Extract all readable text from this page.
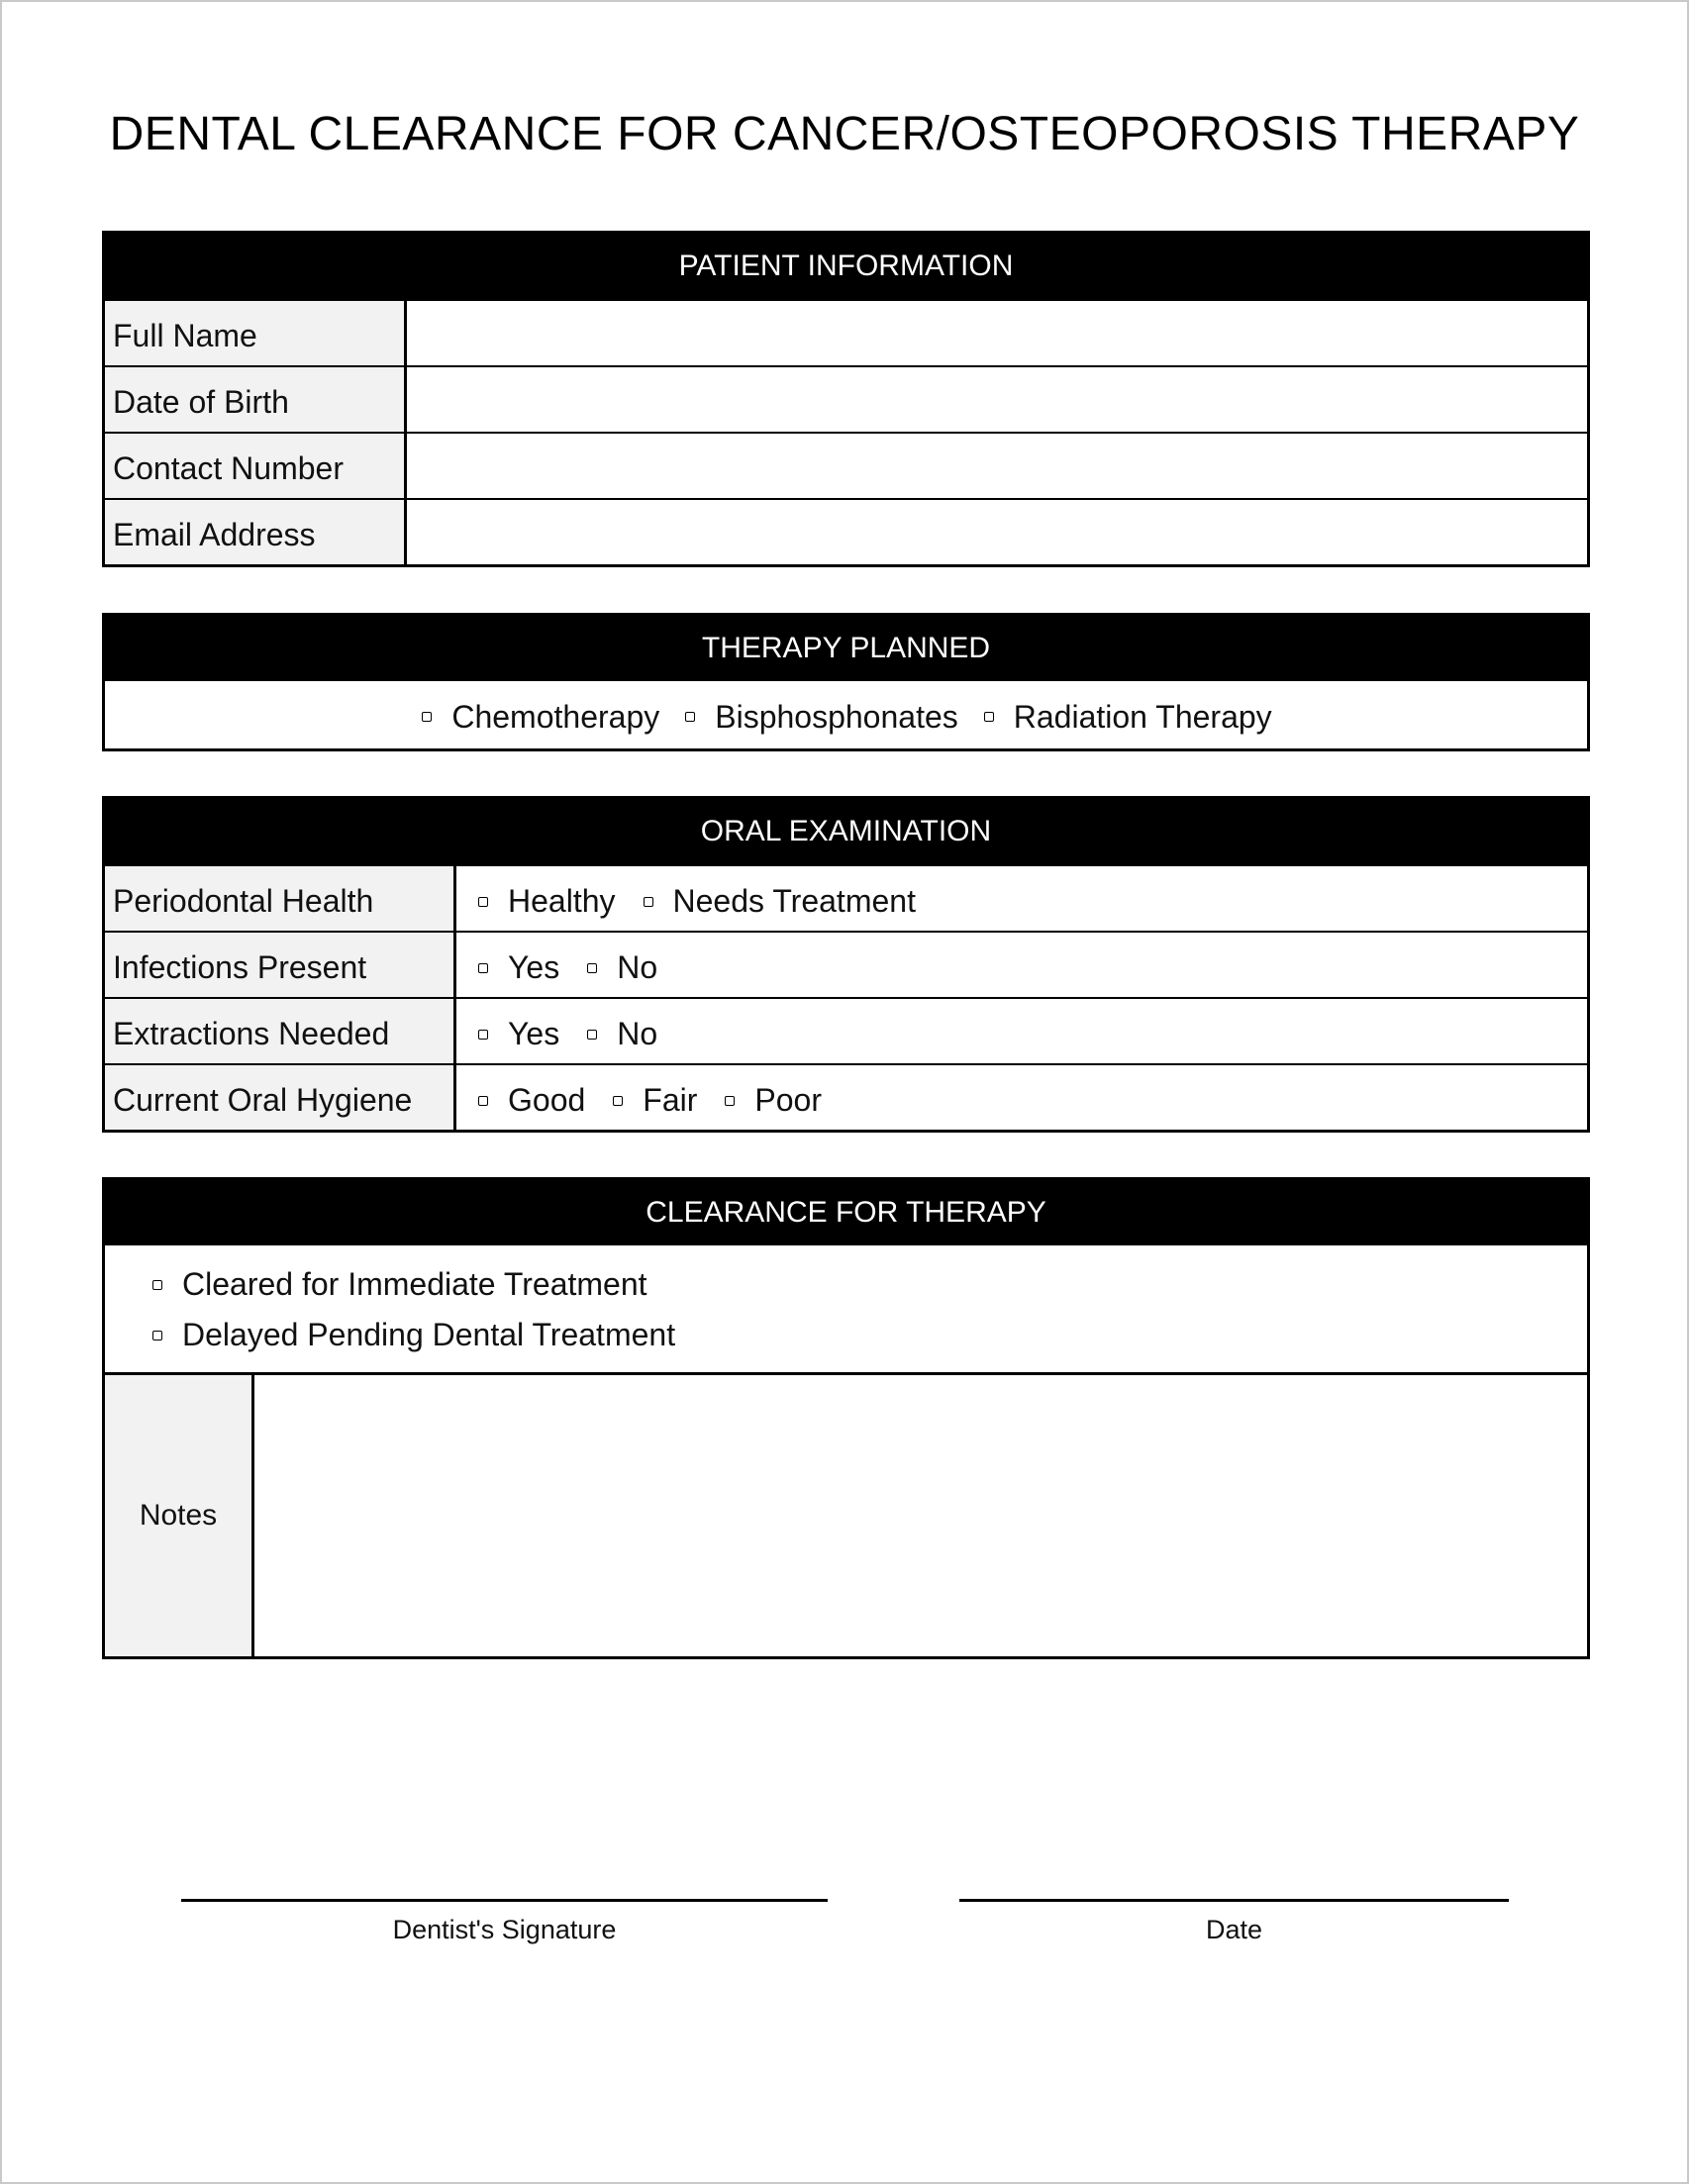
DENTAL CLEARANCE FOR CANCER/OSTEOPOROSIS THERAPY
PATIENT INFORMATION
Full Name
Date of Birth
Contact Number
Email Address
THERAPY PLANNED
Chemotherapy Bisphosphonates Radiation Therapy
ORAL EXAMINATION
Periodontal Health	Healthy Needs Treatment
Infections Present	Yes No
Extractions Needed	Yes No
Current Oral Hygiene	Good Fair Poor
CLEARANCE FOR THERAPY
Cleared for Immediate Treatment
Delayed Pending Dental Treatment
Notes
Dentist's Signature	Date
